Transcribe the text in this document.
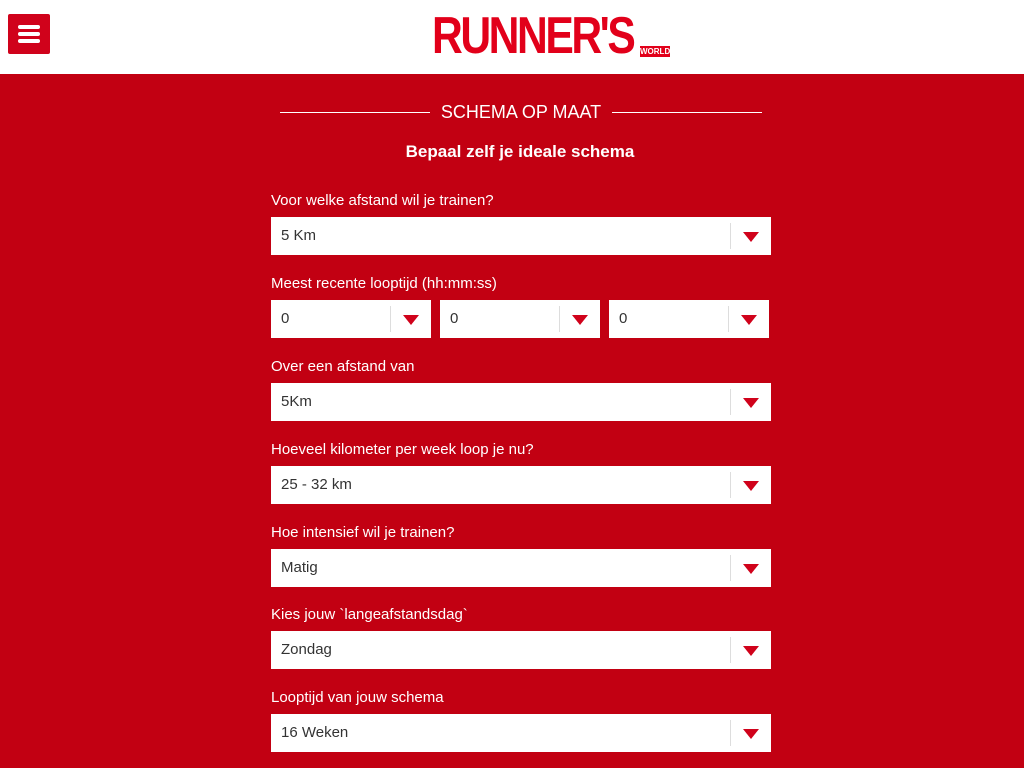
RUNNER'S WORLD
SCHEMA OP MAAT
Bepaal zelf je ideale schema
Voor welke afstand wil je trainen?
5 Km
Meest recente looptijd (hh:mm:ss)
0	0	0
Over een afstand van
5Km
Hoeveel kilometer per week loop je nu?
25 - 32 km
Hoe intensief wil je trainen?
Matig
Kies jouw `langeafstandsdag`
Zondag
Looptijd van jouw schema
16 Weken
